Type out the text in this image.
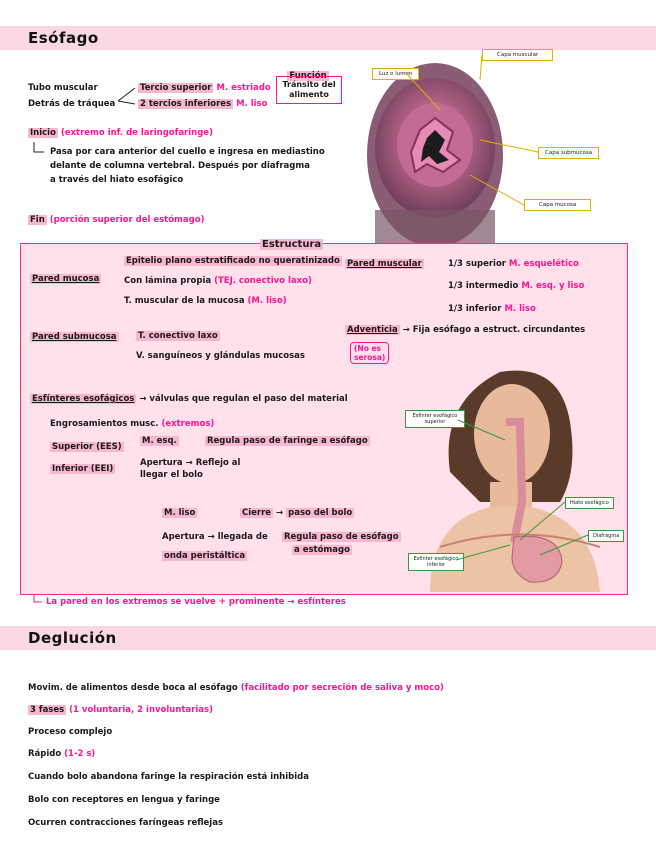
Esófago
Tubo muscular
Detrás de tráquea
Tercio superior M. estriado
2 tercios inferiores M. liso
Inicio (extremo inf. de laringofaringe)
Pasa por cara anterior del cuello e ingresa en mediastino
delante de columna vertebral. Después por diafragma
a través del hiato esofágico
Fin (porción superior del estómago)
Función
Tránsito del
alimento
Luz o lumen
Capa muscular
Capa submucosa
Capa mucosa
Estructura
Pared mucosa
Epitelio plano estratificado no queratinizado
Con lámina propia (TEJ. conectivo laxo)
T. muscular de la mucosa (M. liso)
Pared muscular	1/3 superior M. esquelético
1/3 intermedio M. esq. y liso
1/3 inferior M. liso
Pared submucosa	T. conectivo laxo
V. sanguíneos y glándulas mucosas
Adventicia → Fija esófago a estruct. circundantes
(No es
serosa)
Esfínteres esofágicos → válvulas que regulan el paso del material
Engrosamientos musc. (extremos)
Superior (EES)
M. esq.	Regula paso de faringe a esófago
Inferior (EEI)
Apertura → Reflejo al
llegar el bolo
M. liso	Cierre → paso del bolo
Apertura → llegada de
onda peristáltica
Regula paso de esófago
a estómago
Esfínter esofágico superior
Hiato esofágico
Diafragma
Esfínter esofágico inferior
La pared en los extremos se vuelve + prominente → esfínteres
Deglución
Movim. de alimentos desde boca al esófago (facilitado por secreción de saliva y moco)
3 fases (1 voluntaria, 2 involuntarias)
Proceso complejo
Rápido (1-2 s)
Cuando bolo abandona faringe la respiración está inhibida
Bolo con receptores en lengua y faringe
Ocurren contracciones faríngeas reflejas
